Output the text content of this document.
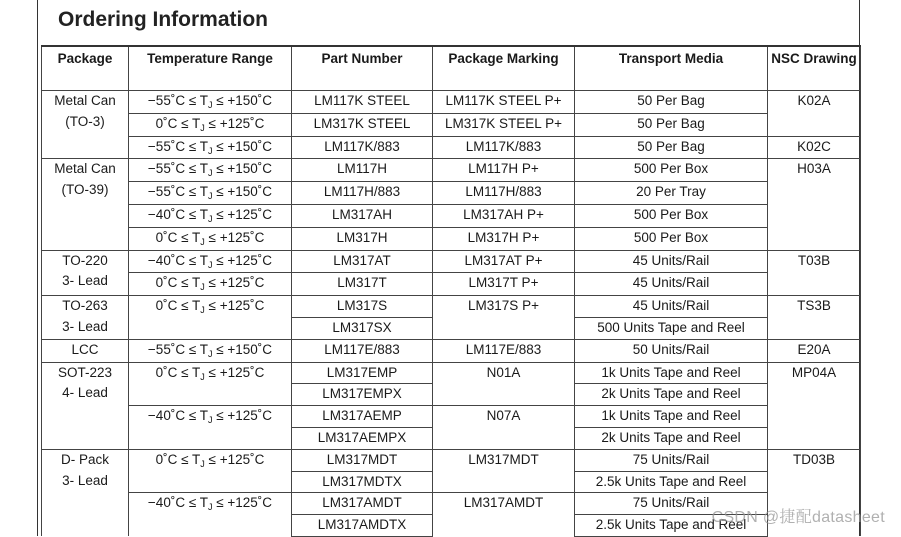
Ordering Information
Package	Temperature Range	Part Number	Package Marking	Transport Media	NSC Drawing

Metal Can
(TO-3)	−55˚C ≤ $T_J$ ≤ +150˚C	LM117K STEEL	LM117K STEEL P+	50 Per Bag	K02A
	0˚C ≤ $T_J$ ≤ +125˚C	LM317K STEEL	LM317K STEEL P+	50 Per Bag	
	−55˚C ≤ $T_J$ ≤ +150˚C	LM117K/883	LM117K/883	50 Per Bag	K02C

Metal Can
(TO-39)	−55˚C ≤ $T_J$ ≤ +150˚C	LM117H	LM117H P+	500 Per Box	H03A
	−55˚C ≤ $T_J$ ≤ +150˚C	LM117H/883	LM117H/883	20 Per Tray	
	−40˚C ≤ $T_J$ ≤ +125˚C	LM317AH	LM317AH P+	500 Per Box	
	0˚C ≤ $T_J$ ≤ +125˚C	LM317H	LM317H P+	500 Per Box	

TO-220
3- Lead	−40˚C ≤ $T_J$ ≤ +125˚C	LM317AT	LM317AT P+	45 Units/Rail	T03B
	0˚C ≤ $T_J$ ≤ +125˚C	LM317T	LM317T P+	45 Units/Rail	

TO-263
3- Lead	0˚C ≤ $T_J$ ≤ +125˚C	LM317S	LM317S P+	45 Units/Rail	TS3B
		LM317SX		500 Units Tape and Reel	
LCC	−55˚C ≤ $T_J$ ≤ +150˚C	LM117E/883	LM117E/883	50 Units/Rail	E20A

SOT-223
4- Lead	0˚C ≤ $T_J$ ≤ +125˚C	LM317EMP	N01A	1k Units Tape and Reel	MP04A
		LM317EMPX		2k Units Tape and Reel	
	−40˚C ≤ $T_J$ ≤ +125˚C	LM317AEMP	N07A	1k Units Tape and Reel	
		LM317AEMPX		2k Units Tape and Reel	

D- Pack
3- Lead	0˚C ≤ $T_J$ ≤ +125˚C	LM317MDT	LM317MDT	75 Units/Rail	TD03B
		LM317MDTX		2.5k Units Tape and Reel	
	−40˚C ≤ $T_J$ ≤ +125˚C	LM317AMDT	LM317AMDT	75 Units/Rail	
		LM317AMDTX		2.5k Units Tape and Reel	
CSDN @捷配datasheet
